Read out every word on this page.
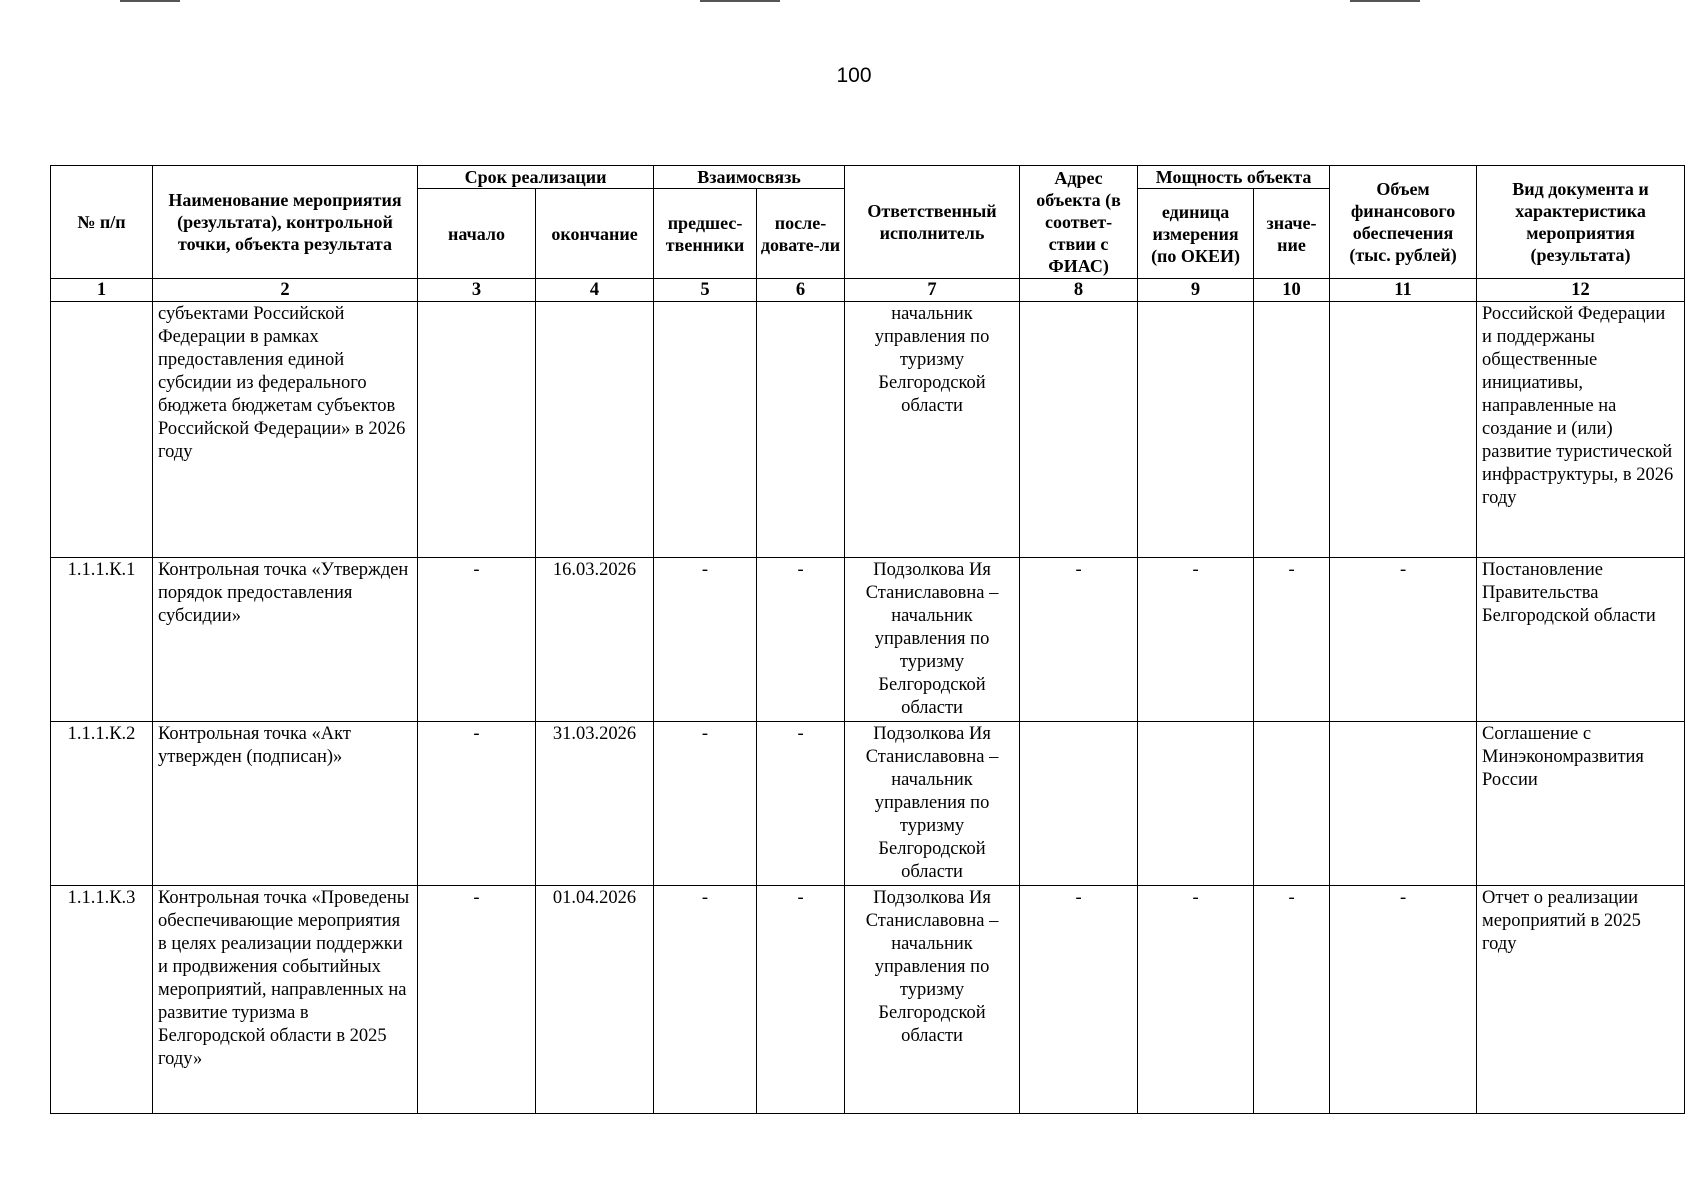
100
№ п/п	Наименование мероприятия (результата), контрольной точки, объекта результата	Срок реализации		Взаимосвязь		Ответственный исполнитель	Адрес объекта (в соответ-ствии с ФИАС)	Мощность объекта		Объем финансового обеспечения (тыс. рублей)	Вид документа и характеристика мероприятия (результата)
		начало	окончание	предшес-твенники	после-довате-ли			единица измерения (по ОКЕИ)	значе-ние		
1	2	3	4	5	6	7	8	9	10	11	12
	субъектами Российской Федерации в рамках предоставления единой субсидии из федерального бюджета бюджетам субъектов Российской Федерации» в 2026 году					начальник управления по туризму Белгородской области					Российской Федерации и поддержаны общественные инициативы, направленные на создание и (или) развитие туристической инфраструктуры, в 2026 году
1.1.1.К.1	Контрольная точка «Утвержден порядок предоставления субсидии»	-	16.03.2026	-	-	Подзолкова Ия Станиславовна – начальник управления по туризму Белгородской области	-	-	-	-	Постановление Правительства Белгородской области
1.1.1.К.2	Контрольная точка «Акт утвержден (подписан)»	-	31.03.2026	-	-	Подзолкова Ия Станиславовна – начальник управления по туризму Белгородской области					Соглашение с Минэкономразвития России
1.1.1.К.3	Контрольная точка «Проведены обеспечивающие мероприятия в целях реализации поддержки и продвижения событийных мероприятий, направленных на развитие туризма в Белгородской области в 2025 году»	-	01.04.2026	-	-	Подзолкова Ия Станиславовна – начальник управления по туризму Белгородской области	-	-	-	-	Отчет о реализации мероприятий в 2025 году
